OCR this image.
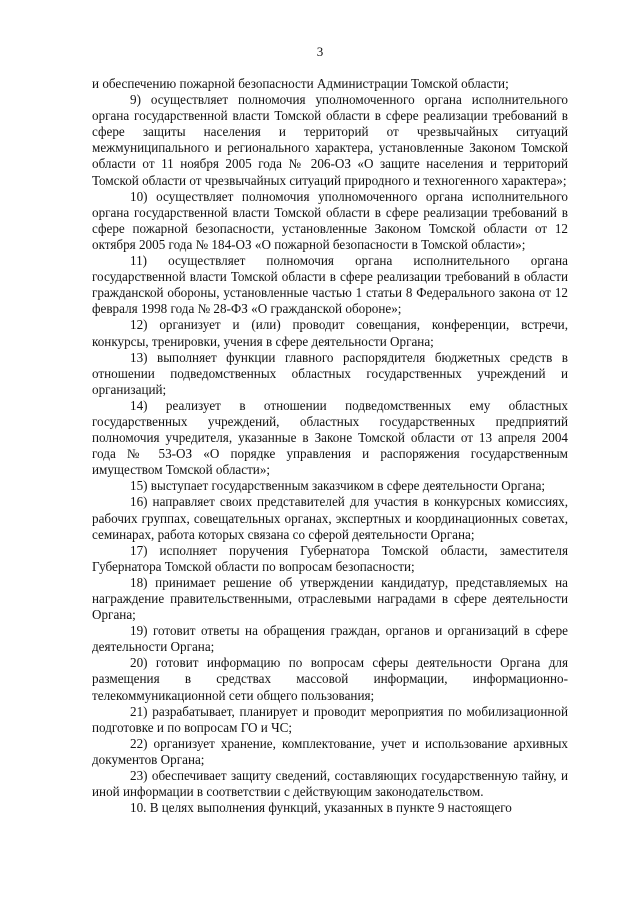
3

и обеспечению пожарной безопасности Администрации Томской области;

9) осуществляет полномочия уполномоченного органа исполнительного органа государственной власти Томской области в сфере реализации требований в сфере защиты населения и территорий от чрезвычайных ситуаций межмуниципального и регионального характера, установленные Законом Томской области от 11 ноября 2005 года № 206-ОЗ «О защите населения и территорий Томской области от чрезвычайных ситуаций природного и техногенного характера»;

10) осуществляет полномочия уполномоченного органа исполнительного органа государственной власти Томской области в сфере реализации требований в сфере пожарной безопасности, установленные Законом Томской области от 12 октября 2005 года № 184-ОЗ «О пожарной безопасности в Томской области»;

11) осуществляет полномочия органа исполнительного органа государственной власти Томской области в сфере реализации требований в области гражданской обороны, установленные частью 1 статьи 8 Федерального закона от 12 февраля 1998 года № 28-ФЗ «О гражданской обороне»;

12) организует и (или) проводит совещания, конференции, встречи, конкурсы, тренировки, учения в сфере деятельности Органа;

13) выполняет функции главного распорядителя бюджетных средств в отношении подведомственных областных государственных учреждений и организаций;

14) реализует в отношении подведомственных ему областных государственных учреждений, областных государственных предприятий полномочия учредителя, указанные в Законе Томской области от 13 апреля 2004 года № 53-ОЗ «О порядке управления и распоряжения государственным имуществом Томской области»;

15) выступает государственным заказчиком в сфере деятельности Органа;

16) направляет своих представителей для участия в конкурсных комиссиях, рабочих группах, совещательных органах, экспертных и координационных советах, семинарах, работа которых связана со сферой деятельности Органа;

17) исполняет поручения Губернатора Томской области, заместителя Губернатора Томской области по вопросам безопасности;

18) принимает решение об утверждении кандидатур, представляемых на награждение правительственными, отраслевыми наградами в сфере деятельности Органа;

19) готовит ответы на обращения граждан, органов и организаций в сфере деятельности Органа;

20) готовит информацию по вопросам сферы деятельности Органа для размещения в средствах массовой информации, информационно-телекоммуникационной сети общего пользования;

21) разрабатывает, планирует и проводит мероприятия по мобилизационной подготовке и по вопросам ГО и ЧС;

22) организует хранение, комплектование, учет и использование архивных документов Органа;

23) обеспечивает защиту сведений, составляющих государственную тайну, и иной информации в соответствии с действующим законодательством.

10. В целях выполнения функций, указанных в пункте 9 настоящего
